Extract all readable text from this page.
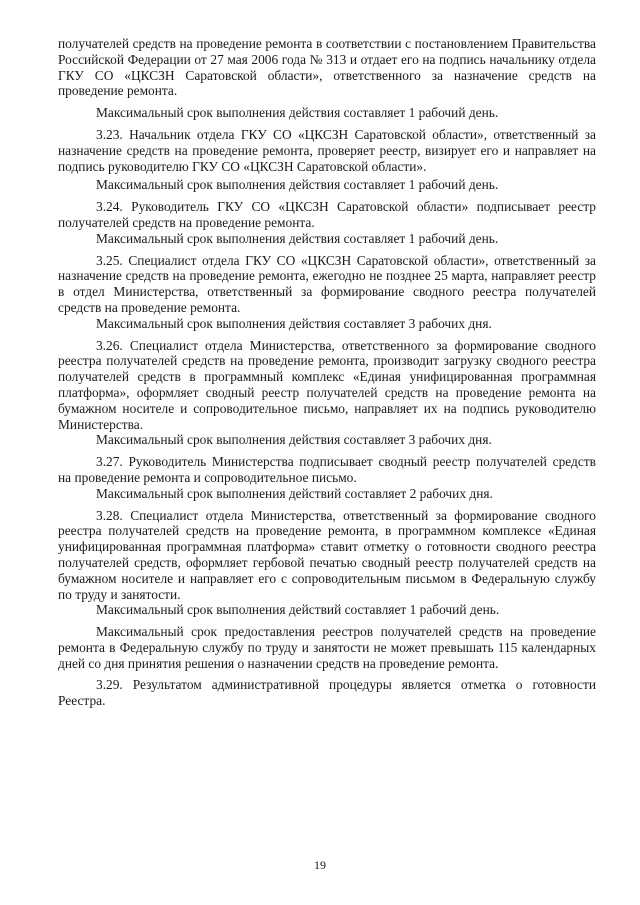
получателей средств на проведение ремонта в соответствии с постановлением Правительства Российской Федерации от 27 мая 2006 года № 313 и отдает его на подпись начальнику отдела ГКУ СО «ЦКСЗН Саратовской области», ответственного за назначение средств на проведение ремонта.

Максимальный срок выполнения действия составляет 1 рабочий день.

3.23. Начальник отдела ГКУ СО «ЦКСЗН Саратовской области», ответственный за назначение средств на проведение ремонта, проверяет реестр, визирует его и направляет на подпись руководителю ГКУ СО «ЦКСЗН Саратовской области».

Максимальный срок выполнения действия составляет 1 рабочий день.

3.24. Руководитель ГКУ СО «ЦКСЗН Саратовской области» подписывает реестр получателей средств на проведение ремонта.

Максимальный срок выполнения действия составляет 1 рабочий день.

3.25. Специалист отдела ГКУ СО «ЦКСЗН Саратовской области», ответственный за назначение средств на проведение ремонта, ежегодно не позднее 25 марта, направляет реестр в отдел Министерства, ответственный за формирование сводного реестра получателей средств на проведение ремонта.

Максимальный срок выполнения действия составляет 3 рабочих дня.

3.26. Специалист отдела Министерства, ответственного за формирование сводного реестра получателей средств на проведение ремонта, производит загрузку сводного реестра получателей средств в программный комплекс «Единая унифицированная программная платформа», оформляет сводный реестр получателей средств на проведение ремонта на бумажном носителе и сопроводительное письмо, направляет их на подпись руководителю Министерства.

Максимальный срок выполнения действия составляет 3 рабочих дня.

3.27. Руководитель Министерства подписывает сводный реестр получателей средств на проведение ремонта и сопроводительное письмо.

Максимальный срок выполнения действий составляет 2 рабочих дня.

3.28. Специалист отдела Министерства, ответственный за формирование сводного реестра получателей средств на проведение ремонта, в программном комплексе «Единая унифицированная программная платформа» ставит отметку о готовности сводного реестра получателей средств, оформляет гербовой печатью сводный реестр получателей средств на бумажном носителе и направляет его с сопроводительным письмом в Федеральную службу по труду и занятости.

Максимальный срок выполнения действий составляет 1 рабочий день.

Максимальный срок предоставления реестров получателей средств на проведение ремонта в Федеральную службу по труду и занятости не может превышать 115 календарных дней со дня принятия решения о назначении средств на проведение ремонта.

3.29. Результатом административной процедуры является отметка о готовности Реестра.

19
